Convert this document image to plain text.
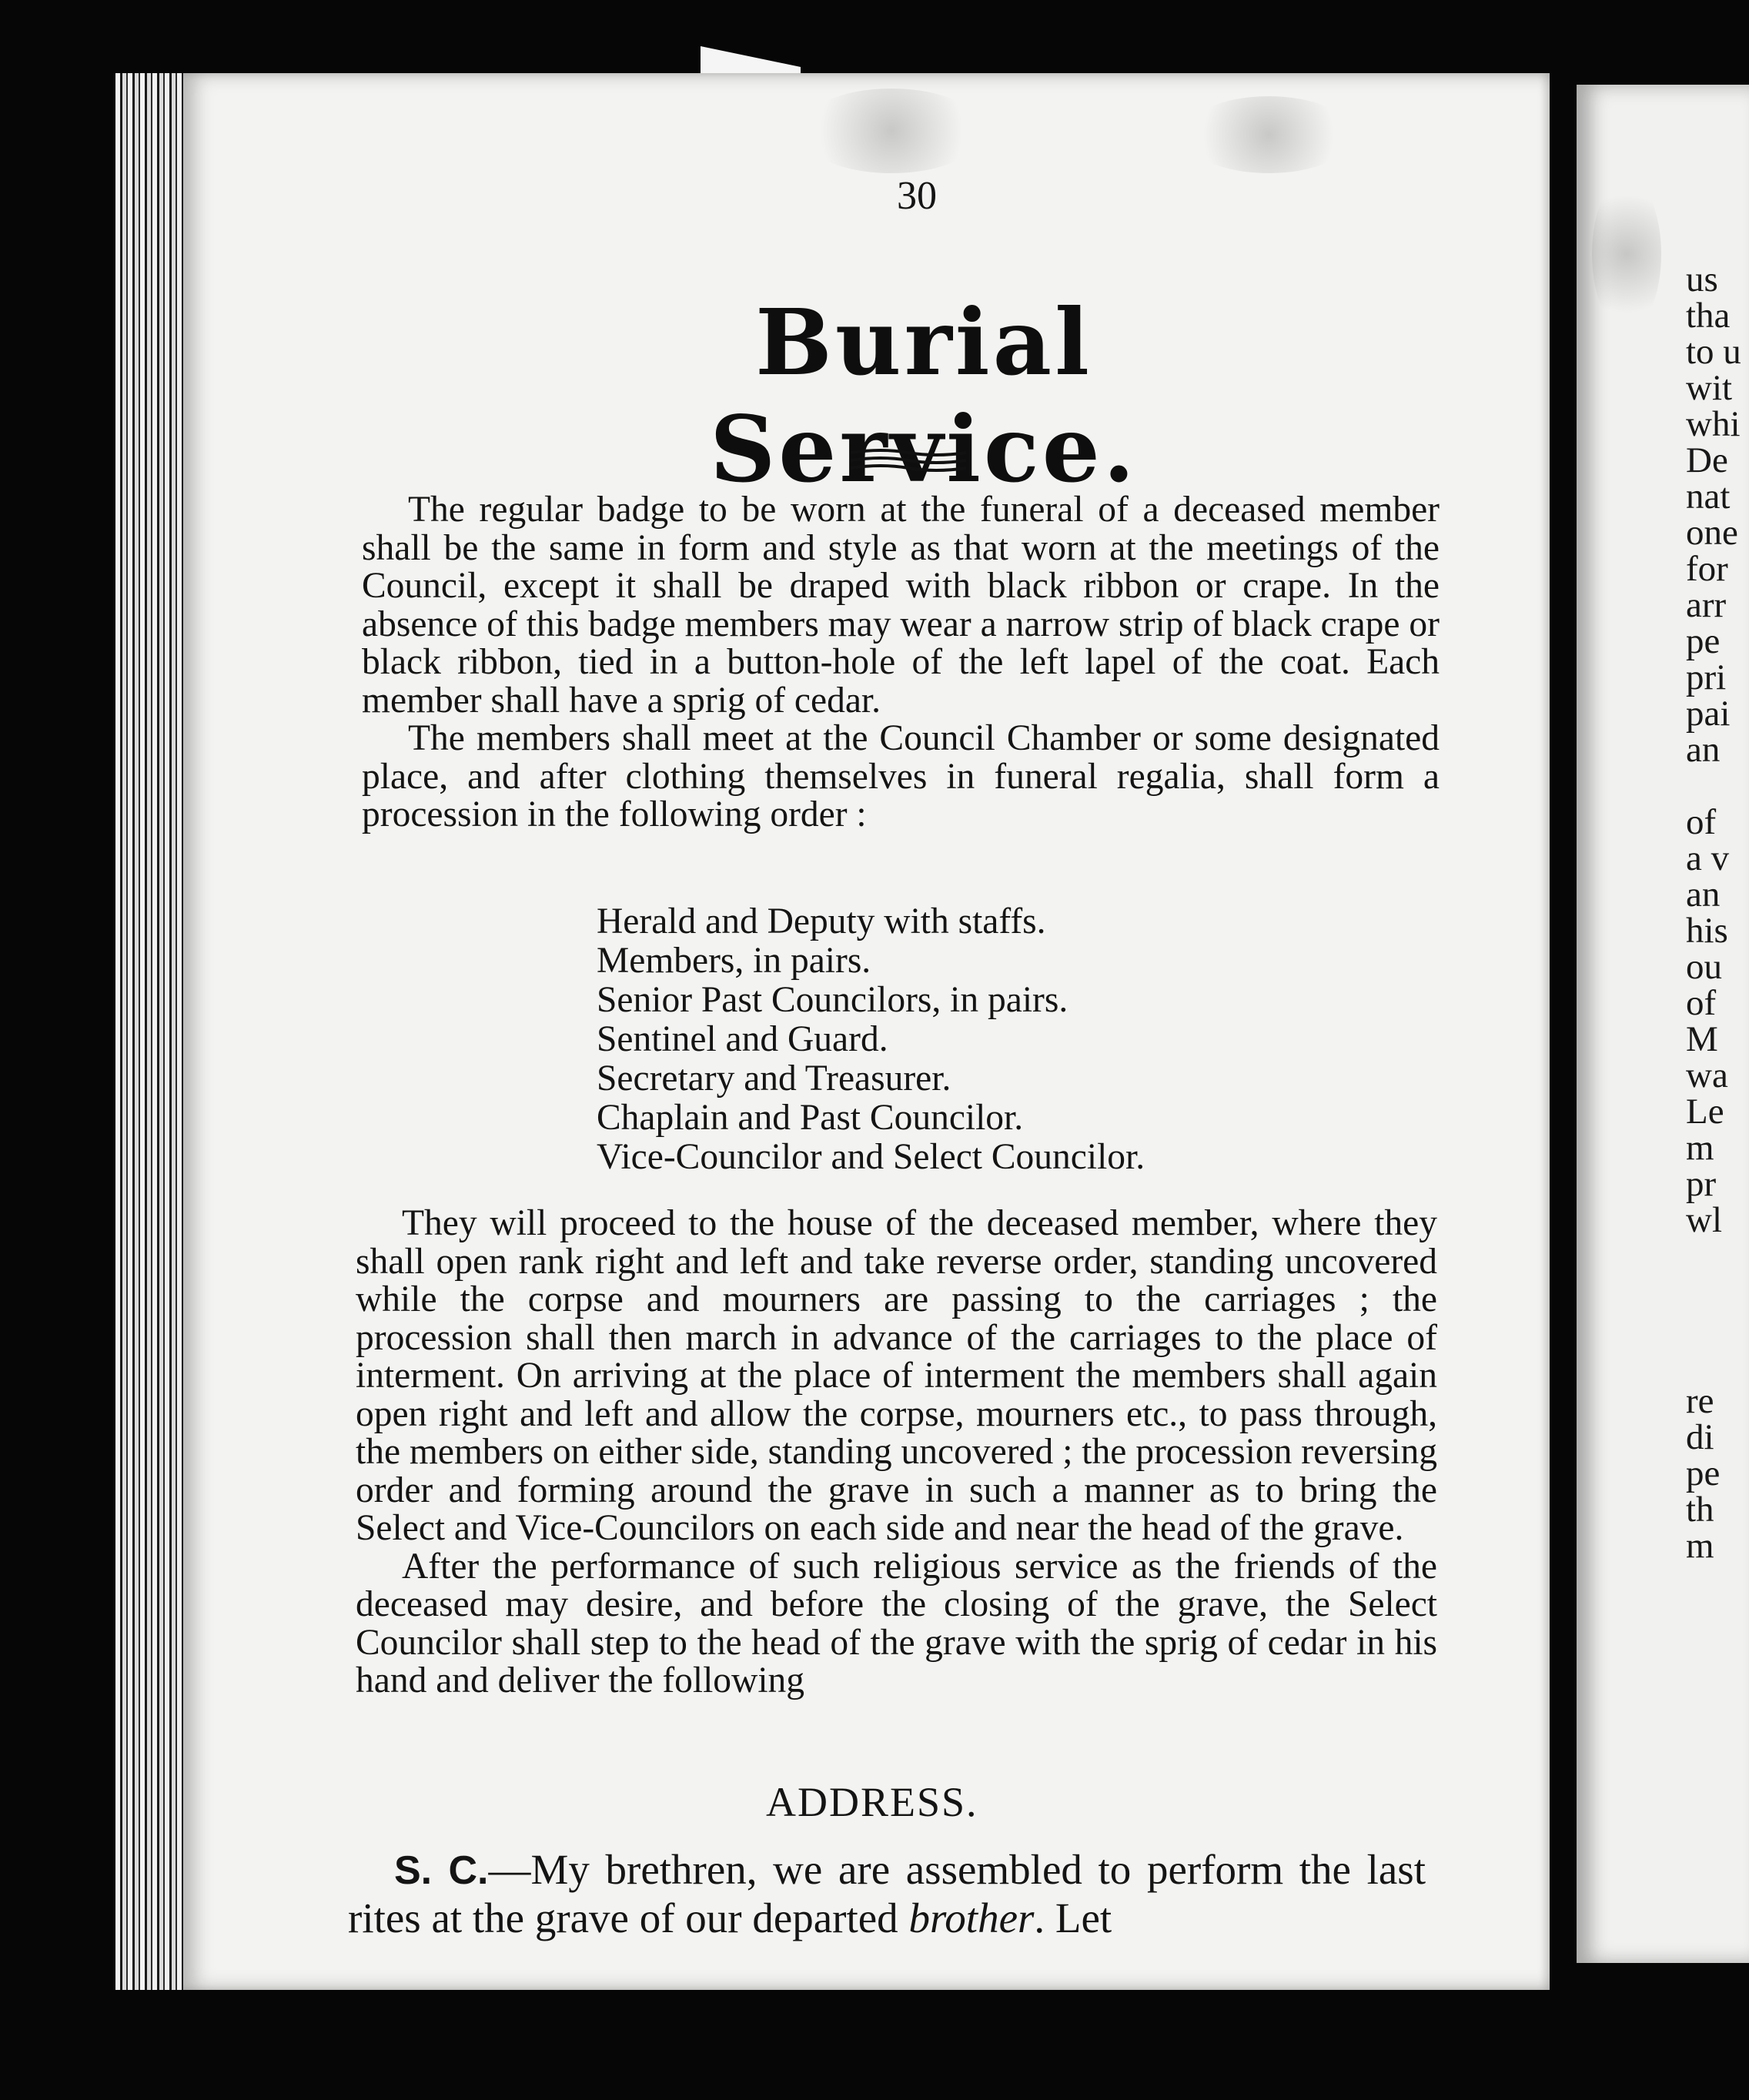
30
Burial Service.

The regular badge to be worn at the funeral of a deceased member shall be the same in form and style as that worn at the meetings of the Council, except it shall be draped with black ribbon or crape. In the absence of this badge members may wear a narrow strip of black crape or black ribbon, tied in a button-hole of the left lapel of the coat. Each member shall have a sprig of cedar.

The members shall meet at the Council Chamber or some designated place, and after clothing themselves in funeral regalia, shall form a procession in the following order :

Herald and Deputy with staffs.
Members, in pairs.
Senior Past Councilors, in pairs.
Sentinel and Guard.
Secretary and Treasurer.
Chaplain and Past Councilor.
Vice-Councilor and Select Councilor.

They will proceed to the house of the deceased member, where they shall open rank right and left and take reverse order, standing uncovered while the corpse and mourners are passing to the carriages ; the procession shall then march in advance of the carriages to the place of interment. On arriving at the place of interment the members shall again open right and left and allow the corpse, mourners etc., to pass through, the members on either side, standing uncovered ; the procession reversing order and forming around the grave in such a manner as to bring the Select and Vice-Councilors on each side and near the head of the grave.

After the performance of such religious service as the friends of the deceased may desire, and before the closing of the grave, the Select Councilor shall step to the head of the grave with the sprig of cedar in his hand and deliver the following

ADDRESS.

S. C.—My brethren, we are assembled to perform the last rites at the grave of our departed brother. Let

us
tha
to u
wit
whi
De
nat
one
for
arr
pe
pri
pai
an
of
a v
an
his
ou
of
M
wa
Le
m
pr
wl
re
di
pe
th
m
